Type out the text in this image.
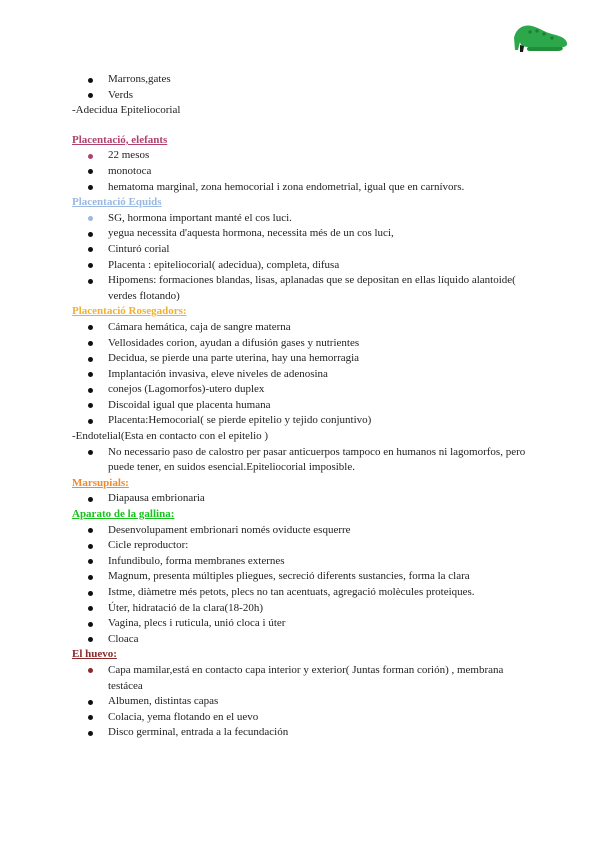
Marrons,gates
Verds
-Adecidua Epiteliocorial
Placentació, elefants
22 mesos
monotoca
hematoma marginal, zona hemocorial i zona endometrial, igual que en carnívors.
Placentació Equids
SG, hormona important manté el cos luci.
yegua necessita d'aquesta hormona, necessita més de un cos luci,
Cinturó corial
Placenta : epiteliocorial( adecidua), completa, difusa
Hipomens: formaciones blandas, lisas, aplanadas que se depositan en ellas líquido alantoide( verdes flotando)
Placentació Rosegadors:
Cámara hemática, caja de sangre materna
Vellosidades corion, ayudan a difusión gases y nutrientes
Decidua, se pierde una parte uterina, hay una hemorragia
Implantación invasiva, eleve niveles de adenosina
conejos (Lagomorfos)-utero duplex
Discoidal igual que placenta humana
Placenta:Hemocorial( se pierde epitelio y tejido conjuntivo)
-Endotelial(Esta en contacto con el epitelio )
No necessario paso de calostro per pasar anticuerpos tampoco en humanos ni lagomorfos, pero puede tener, en suidos esencial.Epiteliocorial imposible.
Marsupials:
Diapausa embrionaria
Aparato de la gallina:
Desenvolupament embrionari només oviducte esquerre
Cicle reproductor:
Infundibulo, forma membranes externes
Magnum, presenta múltiples pliegues, secreció diferents sustancies, forma la clara
Istme, diàmetre més petots, plecs no tan acentuats, agregació molècules proteiques.
Úter, hidratació de la clara(18-20h)
Vagina, plecs i ruticula, unió cloca i úter
Cloaca
El huevo:
Capa mamilar,está en contacto capa interior y exterior( Juntas forman corión) , membrana testácea
Albumen, distintas capas
Colacia, yema flotando en el uevo
Disco germinal, entrada a la fecundación
